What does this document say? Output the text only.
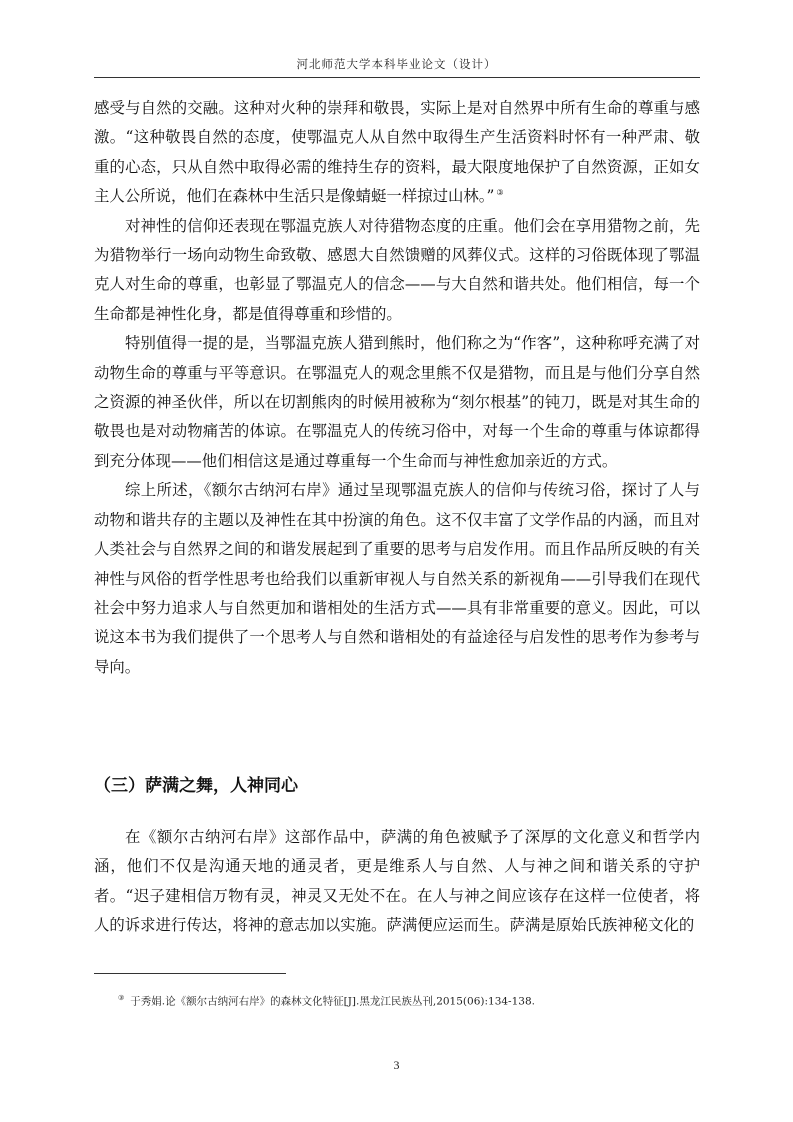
河北师范大学本科毕业论文（设计）

感受与自然的交融。这种对火种的崇拜和敬畏，实际上是对自然界中所有生命的尊重与感激。“这种敬畏自然的态度，使鄂温克人从自然中取得生产生活资料时怀有一种严肃、敬重的心态，只从自然中取得必需的维持生存的资料，最大限度地保护了自然资源，正如女主人公所说，他们在森林中生活只是像蜻蜓一样掠过山林。” ③

对神性的信仰还表现在鄂温克族人对待猎物态度的庄重。他们会在享用猎物之前，先为猎物举行一场向动物生命致敬、感恩大自然馈赠的风葬仪式。这样的习俗既体现了鄂温克人对生命的尊重，也彰显了鄂温克人的信念——与大自然和谐共处。他们相信，每一个生命都是神性化身，都是值得尊重和珍惜的。

特别值得一提的是，当鄂温克族人猎到熊时，他们称之为“作客”，这种称呼充满了对动物生命的尊重与平等意识。在鄂温克人的观念里熊不仅是猎物，而且是与他们分享自然之资源的神圣伙伴，所以在切割熊肉的时候用被称为“刻尔根基”的钝刀，既是对其生命的敬畏也是对动物痛苦的体谅。在鄂温克人的传统习俗中，对每一个生命的尊重与体谅都得到充分体现——他们相信这是通过尊重每一个生命而与神性愈加亲近的方式。

综上所述，《额尔古纳河右岸》通过呈现鄂温克族人的信仰与传统习俗，探讨了人与动物和谐共存的主题以及神性在其中扮演的角色。这不仅丰富了文学作品的内涵，而且对人类社会与自然界之间的和谐发展起到了重要的思考与启发作用。而且作品所反映的有关神性与风俗的哲学性思考也给我们以重新审视人与自然关系的新视角——引导我们在现代社会中努力追求人与自然更加和谐相处的生活方式——具有非常重要的意义。因此，可以说这本书为我们提供了一个思考人与自然和谐相处的有益途径与启发性的思考作为参考与导向。

（三）萨满之舞，人神同心

在《额尔古纳河右岸》这部作品中，萨满的角色被赋予了深厚的文化意义和哲学内涵，他们不仅是沟通天地的通灵者，更是维系人与自然、人与神之间和谐关系的守护者。“迟子建相信万物有灵，神灵又无处不在。在人与神之间应该存在这样一位使者，将人的诉求进行传达，将神的意志加以实施。萨满便应运而生。萨满是原始氏族神秘文化的

③ 于秀娟.论《额尔古纳河右岸》的森林文化特征[J].黑龙江民族丛刊,2015(06):134-138.
3
